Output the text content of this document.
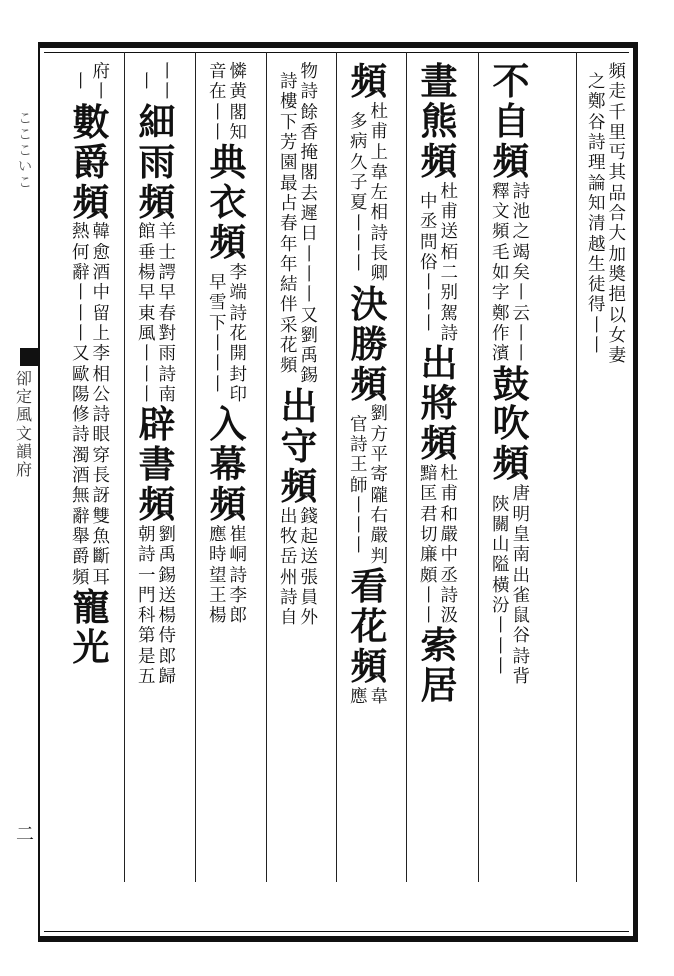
こ
こ
こ
い
こ
卻
定
風
文
韻
府
二
頻
走
千
里
丐
其
品
合
大
加
奬
挹
以
女
妻
之
鄭
谷
詩
理
論
知
清
越
生
徒
得
丨
丨
不
自
頻
詩
池
之
竭
矣
丨
云
丨
丨
釋
文
頻
毛
如
字
鄭
作
濱
鼓
吹
頻
唐
明
皇
南
出
雀
鼠
谷
詩
背
陝
關
山
隘
橫
汾
丨
丨
丨
晝
熊
頻
杜
甫
送
栢
二
别
駕
詩
中
丞
問
俗
丨
丨
丨
出
將
頻
杜
甫
和
嚴
中
丞
詩
汲
黯
匡
君
切
廉
頗
丨
丨
索
居
頻
杜
甫
上
韋
左
相
詩
長
卿
多
病
久
子
夏
丨
丨
丨
決
勝
頻
劉
方
平
寄
隴
右
嚴
判
官
詩
王
師
丨
丨
丨
看
花
頻
韋
應
物
詩
餘
香
掩
閣
去
遲
日
丨
丨
丨
又
劉
禹
錫
詩
樓
下
芳
園
最
占
春
年
年
結
伴
采
花
頻
出
守
頻
錢
起
送
張
員
外
出
牧
岳
州
詩
自
憐
黄
閣
知
音
在
丨
丨
典
衣
頻
李
端
詩
花
開
封
印
早
雪
下
丨
丨
丨
入
幕
頻
崔
峒
詩
李
郎
應
時
望
王
楊
丨
丨
丨
細
雨
頻
羊
士
諤
早
春
對
雨
詩
南
館
垂
楊
早
東
風
丨
丨
丨
辟
書
頻
劉
禹
錫
送
楊
侍
郎
歸
朝
詩
一
門
科
第
是
五
府
丨
丨
數
爵
頻
韓
愈
酒
中
留
上
李
相
公
詩
眼
穿
長
訝
雙
魚
斷
耳
熱
何
辭
丨
丨
丨
又
歐
陽
修
詩
濁
酒
無
辭
舉
爵
頻
寵
光
